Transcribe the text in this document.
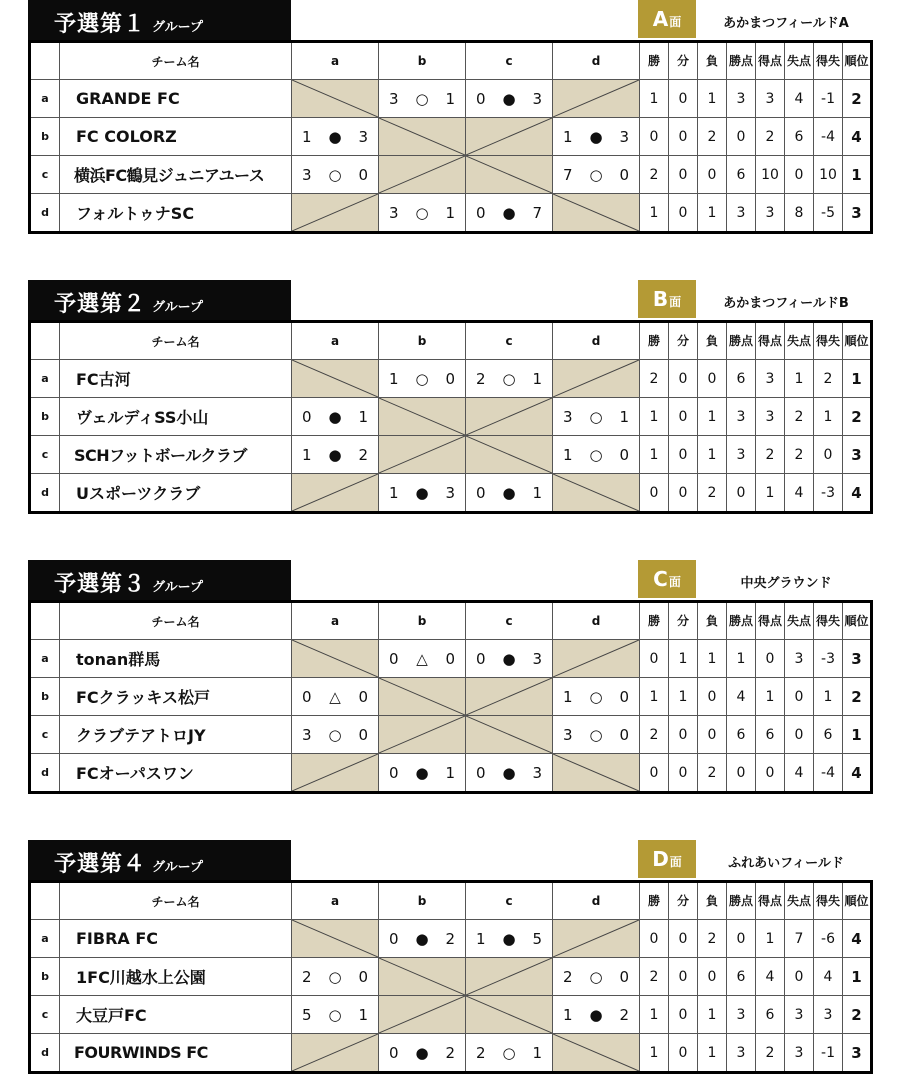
予選第１ グループ	A面	あかまつフィールドA
	チーム名	a	b	c	d	勝	分	負	勝点	得点	失点	得失	順位
a	GRANDE FC		3 ○ 1	0 ● 3		1	0	1	3	3	4	-1	2
b	FC COLORZ	1 ● 3			1 ● 3	0	0	2	0	2	6	-4	4
c	横浜FC鶴見ジュニアユース	3 ○ 0			7 ○ 0	2	0	0	6	10	0	10	1
d	フォルトゥナSC		3 ○ 1	0 ● 7		1	0	1	3	3	8	-5	3
予選第２ グループ	B面	あかまつフィールドB
	チーム名	a	b	c	d	勝	分	負	勝点	得点	失点	得失	順位
a	FC古河		1 ○ 0	2 ○ 1		2	0	0	6	3	1	2	1
b	ヴェルディSS小山	0 ● 1			3 ○ 1	1	0	1	3	3	2	1	2
c	SCHフットボールクラブ	1 ● 2			1 ○ 0	1	0	1	3	2	2	0	3
d	Uスポーツクラブ		1 ● 3	0 ● 1		0	0	2	0	1	4	-3	4
予選第３ グループ	C面	中央グラウンド
	チーム名	a	b	c	d	勝	分	負	勝点	得点	失点	得失	順位
a	tonan群馬		0 △ 0	0 ● 3		0	1	1	1	0	3	-3	3
b	FCクラッキス松戸	0 △ 0			1 ○ 0	1	1	0	4	1	0	1	2
c	クラブテアトロJY	3 ○ 0			3 ○ 0	2	0	0	6	6	0	6	1
d	FCオーパスワン		0 ● 1	0 ● 3		0	0	2	0	0	4	-4	4
予選第４ グループ	D面	ふれあいフィールド
	チーム名	a	b	c	d	勝	分	負	勝点	得点	失点	得失	順位
a	FIBRA FC		0 ● 2	1 ● 5		0	0	2	0	1	7	-6	4
b	1FC川越水上公園	2 ○ 0			2 ○ 0	2	0	0	6	4	0	4	1
c	大豆戸FC	5 ○ 1			1 ● 2	1	0	1	3	6	3	3	2
d	FOURWINDS FC		0 ● 2	2 ○ 1		1	0	1	3	2	3	-1	3
